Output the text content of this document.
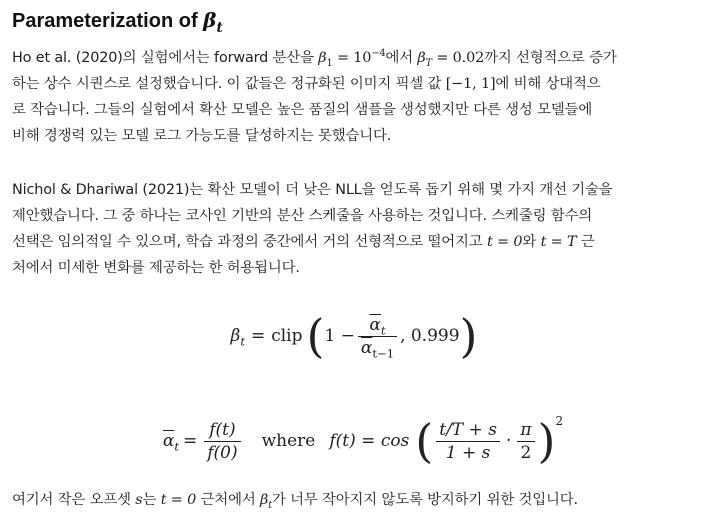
Parameterization of $\beta_t$

Ho et al. (2020)의 실험에서는 forward 분산을 $\beta_1 = 10^{-4}$에서 $\beta_T = 0.02$까지 선형적으로 증가
하는 상수 시퀀스로 설정했습니다. 이 값들은 정규화된 이미지 픽셀 값 [−1, 1]에 비해 상대적으
로 작습니다. 그들의 실험에서 확산 모델은 높은 품질의 샘플을 생성했지만 다른 생성 모델들에
비해 경쟁력 있는 모델 로그 가능도를 달성하지는 못했습니다.

Nichol & Dhariwal (2021)는 확산 모델이 더 낮은 NLL을 얻도록 돕기 위해 몇 가지 개선 기술을
제안했습니다. 그 중 하나는 코사인 기반의 분산 스케줄을 사용하는 것입니다. 스케줄링 함수의
선택은 임의적일 수 있으며, 학습 과정의 중간에서 거의 선형적으로 떨어지고 t = 0와 t = T 근
처에서 미세한 변화를 제공하는 한 허용됩니다.

$\beta_t$ = clip ( $1 - \frac{\overline{\alpha}_t}{\overline{\alpha}_{t-1}}$ , 0.999 )
$\overline{\alpha}_t = \frac{f(t)}{f(0)}$ where f(t) = cos ( $\frac{t/T + s}{1 + s} \cdot \frac{\pi}{2}$ ) 2

여기서 작은 오프셋 s는 t = 0 근처에서 $\beta_t$가 너무 작아지지 않도록 방지하기 위한 것입니다.
